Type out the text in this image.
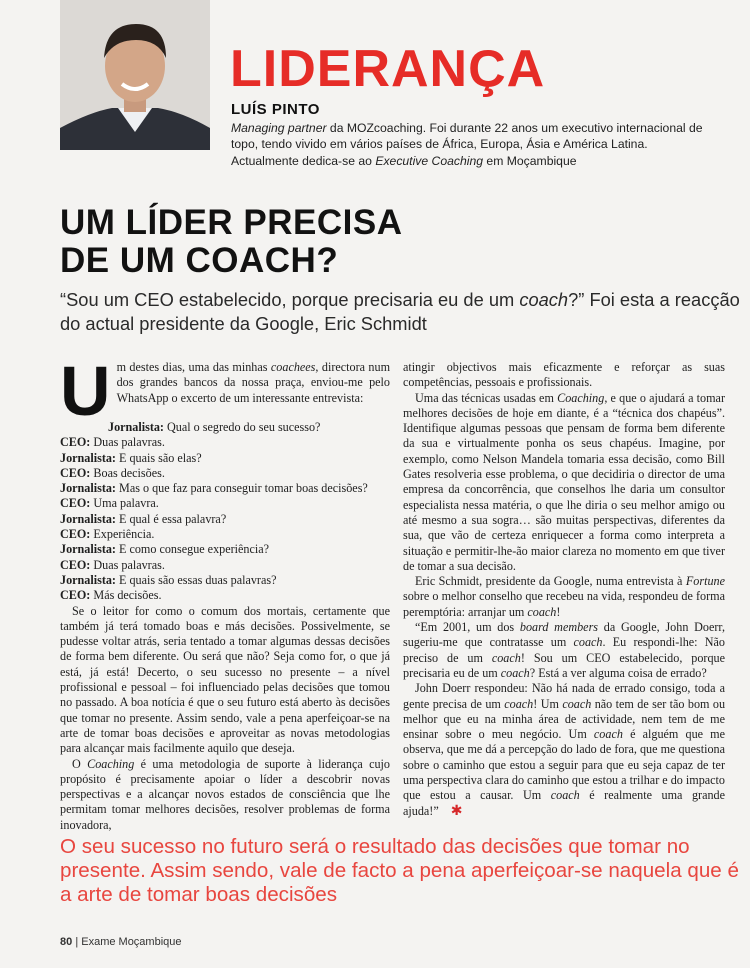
LIDERANÇA
LUÍS PINTO
Managing partner da MOZcoaching. Foi durante 22 anos um executivo internacional de topo, tendo vivido em vários países de África, Europa, Ásia e América Latina. Actualmente dedica-se ao Executive Coaching em Moçambique
UM LÍDER PRECISA
DE UM COACH?
“Sou um CEO estabelecido, porque precisaria eu de um coach?” Foi esta a reacção do actual presidente da Google, Eric Schmidt
U m destes dias, uma das minhas coachees, directora num dos grandes bancos da nossa praça, enviou-me pelo WhatsApp o excerto de um interessante entrevista:

Jornalista: Qual o segredo do seu sucesso?
CEO: Duas palavras.
Jornalista: E quais são elas?
CEO: Boas decisões.
Jornalista: Mas o que faz para conseguir tomar boas decisões?
CEO: Uma palavra.
Jornalista: E qual é essa palavra?
CEO: Experiência.
Jornalista: E como consegue experiência?
CEO: Duas palavras.
Jornalista: E quais são essas duas palavras?
CEO: Más decisões.

Se o leitor for como o comum dos mortais, certamente que também já terá tomado boas e más decisões. Possivelmente, se pudesse voltar atrás, seria tentado a tomar algumas dessas decisões de forma bem diferente. Ou será que não? Seja como for, o que já está, já está! Decerto, o seu sucesso no presente – a nível profissional e pessoal – foi influenciado pelas decisões que tomou no passado. A boa notícia é que o seu futuro está aberto às decisões que tomar no presente. Assim sendo, vale a pena aperfeiçoar-se na arte de tomar boas decisões e aproveitar as novas metodologias para alcançar mais facilmente aquilo que deseja.

O Coaching é uma metodologia de suporte à liderança cujo propósito é precisamente apoiar o líder a descobrir novas perspectivas e a alcançar novos estados de consciência que lhe permitam tomar melhores decisões, resolver problemas de forma inovadora,

atingir objectivos mais eficazmente e reforçar as suas competências, pessoais e profissionais.

Uma das técnicas usadas em Coaching, e que o ajudará a tomar melhores decisões de hoje em diante, é a “técnica dos chapéus”. Identifique algumas pessoas que pensam de forma bem diferente da sua e virtualmente ponha os seus chapéus. Imagine, por exemplo, como Nelson Mandela tomaria essa decisão, como Bill Gates resolveria esse problema, o que decidiria o director de uma empresa da concorrência, que conselhos lhe daria um consultor especialista nessa matéria, o que lhe diria o seu melhor amigo ou até mesmo a sua sogra… são muitas perspectivas, diferentes da sua, que vão de certeza enriquecer a forma como interpreta a situação e permitir-lhe-ão maior clareza no momento em que tiver de tomar a sua decisão.

Eric Schmidt, presidente da Google, numa entrevista à Fortune sobre o melhor conselho que recebeu na vida, respondeu de forma peremptória: arranjar um coach!

“Em 2001, um dos board members da Google, John Doerr, sugeriu-me que contratasse um coach. Eu respondi-lhe: Não preciso de um coach! Sou um CEO estabelecido, porque precisaria eu de um coach? Está a ver alguma coisa de errado?

John Doerr respondeu: Não há nada de errado consigo, toda a gente precisa de um coach! Um coach não tem de ser tão bom ou melhor que eu na minha área de actividade, nem tem de me ensinar sobre o meu negócio. Um coach é alguém que me observa, que me dá a percepção do lado de fora, que me questiona sobre o caminho que estou a seguir para que eu seja capaz de ter uma perspectiva clara do caminho que estou a trilhar e do impacto que estou a causar. Um coach é realmente uma grande ajuda!” ✱

O seu sucesso no futuro será o resultado das decisões que tomar no presente. Assim sendo, vale de facto a pena aperfeiçoar-se naquela que é a arte de tomar boas decisões
80 | Exame Moçambique
